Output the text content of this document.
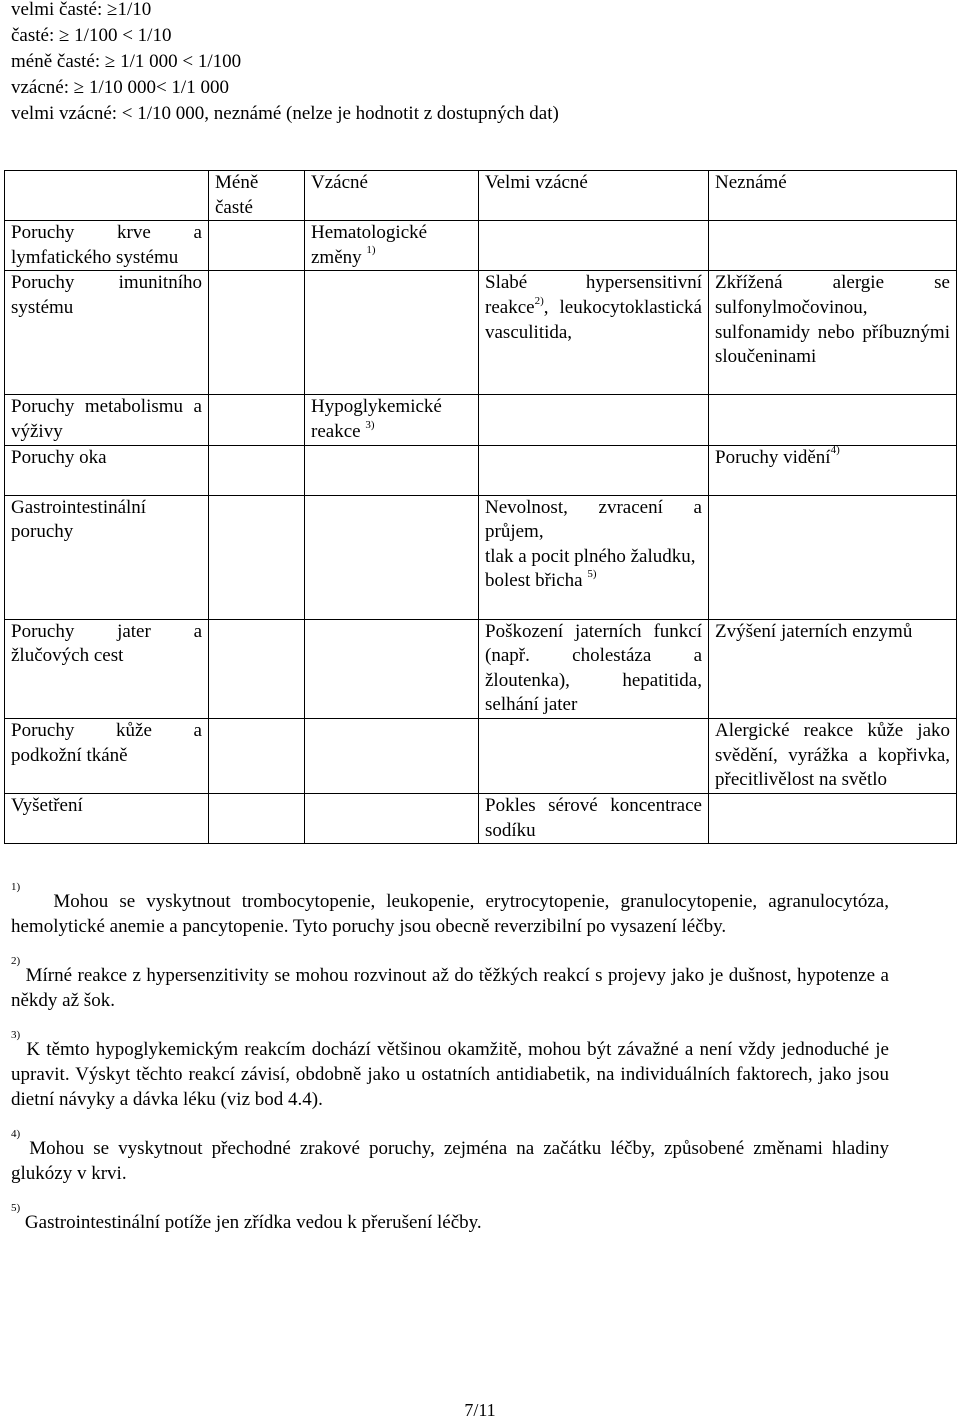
velmi časté: ≥1/10
časté: ≥ 1/100 < 1/10
méně časté: ≥ 1/1 000 < 1/100
vzácné: ≥ 1/10 000< 1/1 000
velmi vzácné: < 1/10 000, neznámé (nelze je hodnotit z dostupných dat)
	Méně časté	Vzácné	Velmi vzácné	Neznámé

Poruchy krve a lymfatického systému		Hematologické změny $^{1)}$		

Poruchy imunitního systému			Slabé hypersensitivní reakce$^{2)}$, leukocytoklastická vasculitida,	Zkřížená alergie se sulfonylmočovinou, sulfonamidy nebo příbuznými sloučeninami

Poruchy metabolismu a výživy		Hypoglykemické reakce $^{3)}$		
Poruchy oka				Poruchy vidění$^{4)}$
Gastrointestinální poruchy			Nevolnost, zvracení a průjem,
tlak a pocit plného žaludku,
bolest břicha $^{5)}$

Poruchy jater a žlučových cest			Poškození jaterních funkcí (např. cholestáza a žloutenka), hepatitida, selhání jater	Zvýšení jaterních enzymů

Poruchy kůže a podkožní tkáně				Alergické reakce kůže jako svědění, vyrážka a kopřivka, přecitlivělost na světlo

Vyšetření			Pokles sérové koncentrace sodíku	

$^{1)}$   Mohou se vyskytnout trombocytopenie, leukopenie, erytrocytopenie, granulocytopenie, agranulocytóza, hemolytické anemie a pancytopenie. Tyto poruchy jsou obecně reverzibilní po vysazení léčby.
$^{2)}$ Mírné reakce z hypersenzitivity se mohou rozvinout až do těžkých reakcí s projevy jako je dušnost, hypotenze a někdy až šok.
$^{3)}$ K těmto hypoglykemickým reakcím dochází většinou okamžitě, mohou být závažné a není vždy jednoduché je upravit. Výskyt těchto reakcí závisí, obdobně jako u ostatních antidiabetik, na individuálních faktorech, jako jsou dietní návyky a dávka léku (viz bod 4.4).
$^{4)}$ Mohou se vyskytnout přechodné zrakové poruchy, zejména na začátku léčby, způsobené změnami hladiny glukózy v krvi.
$^{5)}$ Gastrointestinální potíže jen zřídka vedou k přerušení léčby.
7/11
